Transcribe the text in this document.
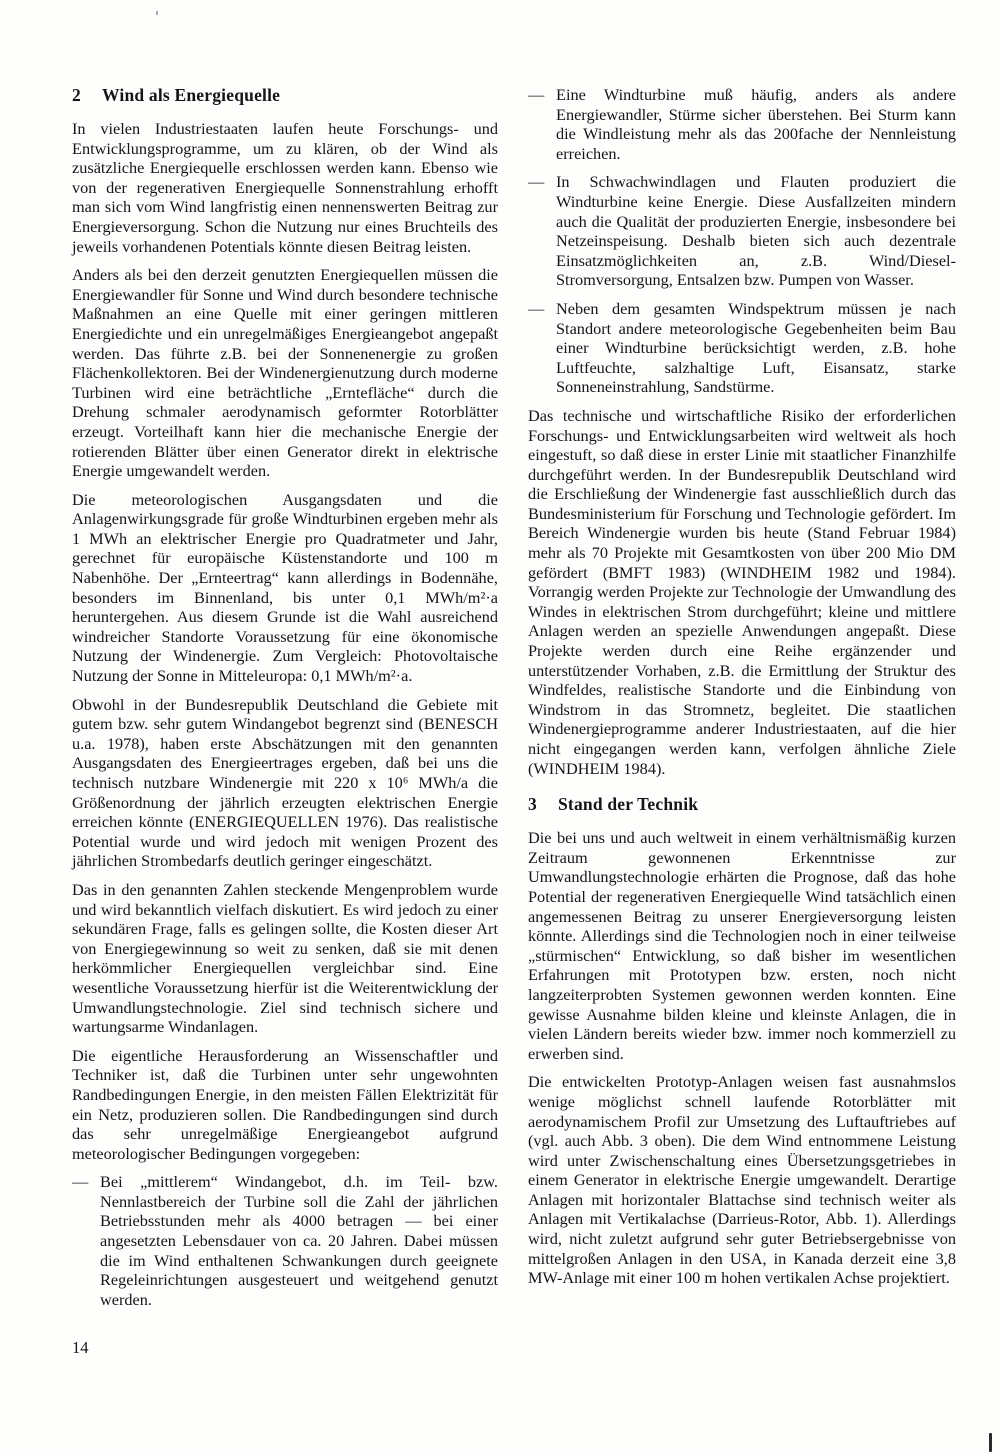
2 Wind als Energiequelle

In vielen Industriestaaten laufen heute Forschungs- und Entwicklungsprogramme, um zu klären, ob der Wind als zusätzliche Energiequelle erschlossen werden kann. Ebenso wie von der regenerativen Energiequelle Sonnenstrahlung erhofft man sich vom Wind langfristig einen nennenswerten Beitrag zur Energieversorgung. Schon die Nutzung nur eines Bruchteils des jeweils vorhandenen Potentials könnte diesen Beitrag leisten.

Anders als bei den derzeit genutzten Energiequellen müssen die Energiewandler für Sonne und Wind durch besondere technische Maßnahmen an eine Quelle mit einer geringen mittleren Energiedichte und ein unregelmäßiges Energieangebot angepaßt werden. Das führte z.B. bei der Sonnenenergie zu großen Flächenkollektoren. Bei der Windenergienutzung durch moderne Turbinen wird eine beträchtliche „Erntefläche“ durch die Drehung schmaler aerodynamisch geformter Rotorblätter erzeugt. Vorteilhaft kann hier die mechanische Energie der rotierenden Blätter über einen Generator direkt in elektrische Energie umgewandelt werden.

Die meteorologischen Ausgangsdaten und die Anlagenwirkungsgrade für große Windturbinen ergeben mehr als 1 MWh an elektrischer Energie pro Quadratmeter und Jahr, gerechnet für europäische Küstenstandorte und 100 m Nabenhöhe. Der „Ernteertrag“ kann allerdings in Bodennähe, besonders im Binnenland, bis unter 0,1 MWh/m²·a heruntergehen. Aus diesem Grunde ist die Wahl ausreichend windreicher Standorte Voraussetzung für eine ökonomische Nutzung der Windenergie. Zum Vergleich: Photovoltaische Nutzung der Sonne in Mitteleuropa: 0,1 MWh/m²·a.

Obwohl in der Bundesrepublik Deutschland die Gebiete mit gutem bzw. sehr gutem Windangebot begrenzt sind (BENESCH u.a. 1978), haben erste Abschätzungen mit den genannten Ausgangsdaten des Energieertrages ergeben, daß bei uns die technisch nutzbare Windenergie mit 220 x 10⁶ MWh/a die Größenordnung der jährlich erzeugten elektrischen Energie erreichen könnte (ENERGIEQUELLEN 1976). Das realistische Potential wurde und wird jedoch mit wenigen Prozent des jährlichen Strombedarfs deutlich geringer eingeschätzt.

Das in den genannten Zahlen steckende Mengenproblem wurde und wird bekanntlich vielfach diskutiert. Es wird jedoch zu einer sekundären Frage, falls es gelingen sollte, die Kosten dieser Art von Energiegewinnung so weit zu senken, daß sie mit denen herkömmlicher Energiequellen vergleichbar sind. Eine wesentliche Voraussetzung hierfür ist die Weiterentwicklung der Umwandlungstechnologie. Ziel sind technisch sichere und wartungsarme Windanlagen.

Die eigentliche Herausforderung an Wissenschaftler und Techniker ist, daß die Turbinen unter sehr ungewohnten Randbedingungen Energie, in den meisten Fällen Elektrizität für ein Netz, produzieren sollen. Die Randbedingungen sind durch das sehr unregelmäßige Energieangebot aufgrund meteorologischer Bedingungen vorgegeben:

— Bei „mittlerem“ Windangebot, d.h. im Teil- bzw. Nennlastbereich der Turbine soll die Zahl der jährlichen Betriebsstunden mehr als 4000 betragen — bei einer angesetzten Lebensdauer von ca. 20 Jahren. Dabei müssen die im Wind enthaltenen Schwankungen durch geeignete Regeleinrichtungen ausgesteuert und weitgehend genutzt werden.

— Eine Windturbine muß häufig, anders als andere Energiewandler, Stürme sicher überstehen. Bei Sturm kann die Windleistung mehr als das 200fache der Nennleistung erreichen.

— In Schwachwindlagen und Flauten produziert die Windturbine keine Energie. Diese Ausfallzeiten mindern auch die Qualität der produzierten Energie, insbesondere bei Netzeinspeisung. Deshalb bieten sich auch dezentrale Einsatzmöglichkeiten an, z.B. Wind/Diesel-Stromversorgung, Entsalzen bzw. Pumpen von Wasser.

— Neben dem gesamten Windspektrum müssen je nach Standort andere meteorologische Gegebenheiten beim Bau einer Windturbine berücksichtigt werden, z.B. hohe Luftfeuchte, salzhaltige Luft, Eisansatz, starke Sonneneinstrahlung, Sandstürme.

Das technische und wirtschaftliche Risiko der erforderlichen Forschungs- und Entwicklungsarbeiten wird weltweit als hoch eingestuft, so daß diese in erster Linie mit staatlicher Finanzhilfe durchgeführt werden. In der Bundesrepublik Deutschland wird die Erschließung der Windenergie fast ausschließlich durch das Bundesministerium für Forschung und Technologie gefördert. Im Bereich Windenergie wurden bis heute (Stand Februar 1984) mehr als 70 Projekte mit Gesamtkosten von über 200 Mio DM gefördert (BMFT 1983) (WINDHEIM 1982 und 1984). Vorrangig werden Projekte zur Technologie der Umwandlung des Windes in elektrischen Strom durchgeführt; kleine und mittlere Anlagen werden an spezielle Anwendungen angepaßt. Diese Projekte werden durch eine Reihe ergänzender und unterstützender Vorhaben, z.B. die Ermittlung der Struktur des Windfeldes, realistische Standorte und die Einbindung von Windstrom in das Stromnetz, begleitet. Die staatlichen Windenergieprogramme anderer Industriestaaten, auf die hier nicht eingegangen werden kann, verfolgen ähnliche Ziele (WINDHEIM 1984).

3 Stand der Technik

Die bei uns und auch weltweit in einem verhältnismäßig kurzen Zeitraum gewonnenen Erkenntnisse zur Umwandlungstechnologie erhärten die Prognose, daß das hohe Potential der regenerativen Energiequelle Wind tatsächlich einen angemessenen Beitrag zu unserer Energieversorgung leisten könnte. Allerdings sind die Technologien noch in einer teilweise „stürmischen“ Entwicklung, so daß bisher im wesentlichen Erfahrungen mit Prototypen bzw. ersten, noch nicht langzeiterprobten Systemen gewonnen werden konnten. Eine gewisse Ausnahme bilden kleine und kleinste Anlagen, die in vielen Ländern bereits wieder bzw. immer noch kommerziell zu erwerben sind.

Die entwickelten Prototyp-Anlagen weisen fast ausnahmslos wenige möglichst schnell laufende Rotorblätter mit aerodynamischem Profil zur Umsetzung des Luftauftriebes auf (vgl. auch Abb. 3 oben). Die dem Wind entnommene Leistung wird unter Zwischenschaltung eines Übersetzungsgetriebes in einem Generator in elektrische Energie umgewandelt. Derartige Anlagen mit horizontaler Blattachse sind technisch weiter als Anlagen mit Vertikalachse (Darrieus-Rotor, Abb. 1). Allerdings wird, nicht zuletzt aufgrund sehr guter Betriebsergebnisse von mittelgroßen Anlagen in den USA, in Kanada derzeit eine 3,8 MW-Anlage mit einer 100 m hohen vertikalen Achse projektiert.

14
